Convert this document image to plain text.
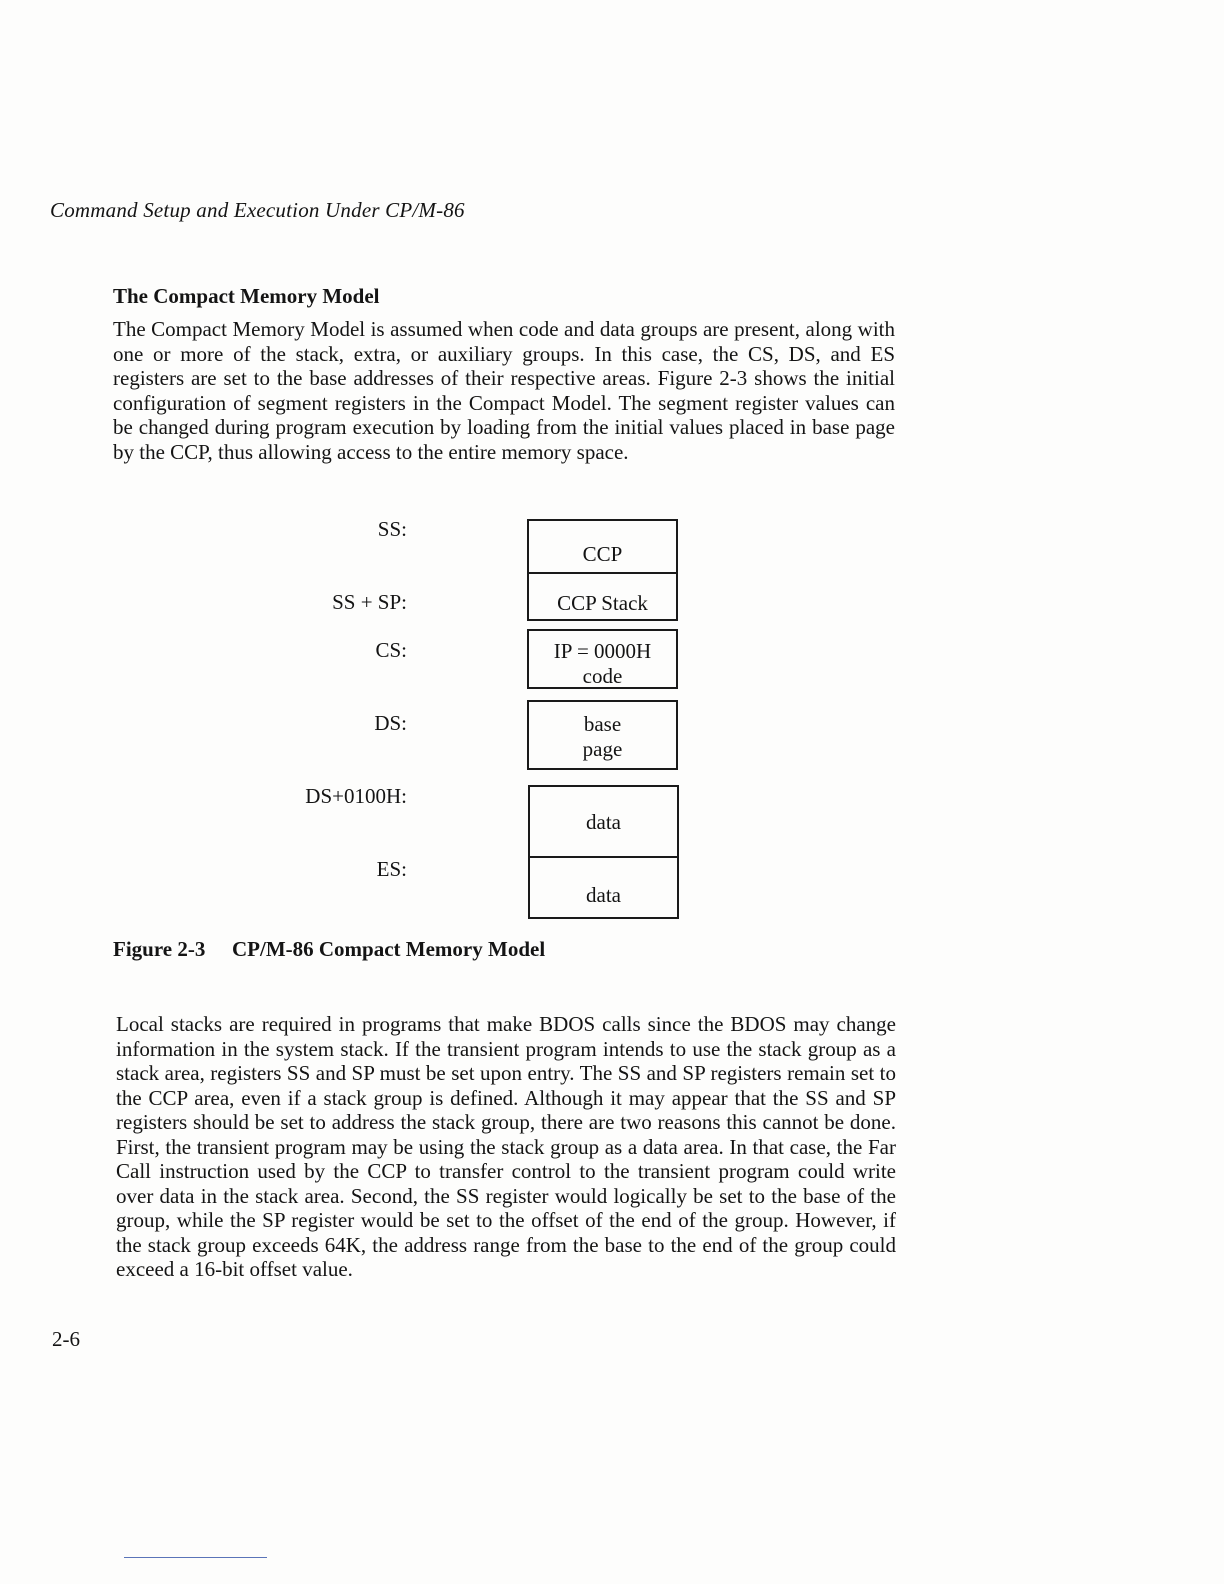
Command Setup and Execution Under CP/M-86
The Compact Memory Model
The Compact Memory Model is assumed when code and data groups are present, along with one or more of the stack, extra, or auxiliary groups. In this case, the CS, DS, and ES registers are set to the base addresses of their respective areas. Figure 2-3 shows the initial configuration of segment registers in the Compact Model. The segment register values can be changed during program execution by loading from the initial values placed in base page by the CCP, thus allowing access to the entire memory space.
SS:
SS + SP:
CS:
DS:
DS+0100H:
ES:
CCP
CCP Stack
IP = 0000H
code
base
page
data
data
Figure 2-3 CP/M-86 Compact Memory Model
Local stacks are required in programs that make BDOS calls since the BDOS may change information in the system stack. If the transient program intends to use the stack group as a stack area, registers SS and SP must be set upon entry. The SS and SP registers remain set to the CCP area, even if a stack group is defined. Although it may appear that the SS and SP registers should be set to address the stack group, there are two reasons this cannot be done. First, the transient program may be using the stack group as a data area. In that case, the Far Call instruction used by the CCP to transfer control to the transient program could write over data in the stack area. Second, the SS register would logically be set to the base of the group, while the SP register would be set to the offset of the end of the group. However, if the stack group exceeds 64K, the address range from the base to the end of the group could exceed a 16-bit offset value.
2-6
